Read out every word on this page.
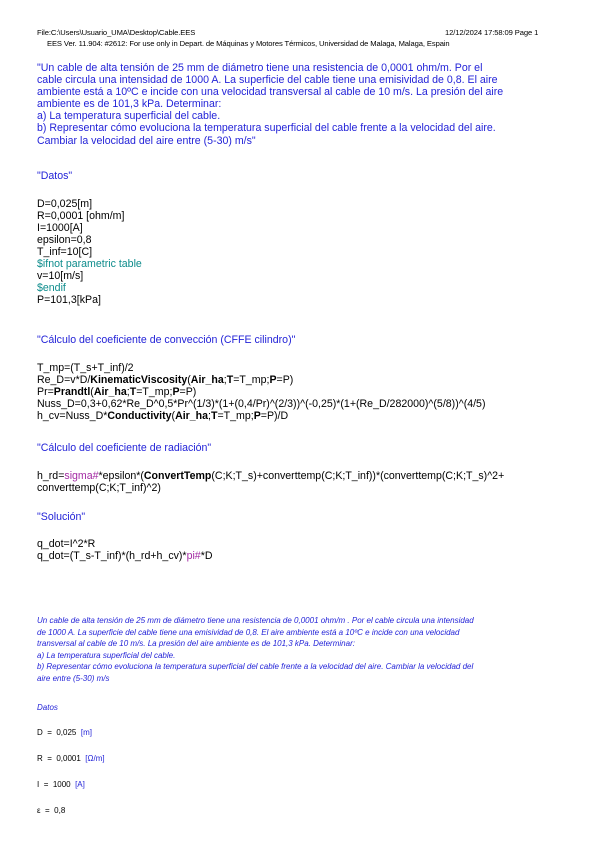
File:C:\Users\Usuario_UMA\Desktop\Cable.EES	12/12/2024 17:58:09 Page 1
EES Ver. 11.904: #2612: For use only in Depart. de Máquinas y Motores Térmicos, Universidad de Malaga, Malaga, Espain
"Un cable de alta tensión de 25 mm de diámetro tiene una resistencia de 0,0001 ohm/m. Por el
cable circula una intensidad de 1000 A. La superficie del cable tiene una emisividad de 0,8. El aire
ambiente está a 10ºC e incide con una velocidad transversal al cable de 10 m/s. La presión del aire
ambiente es de 101,3 kPa. Determinar:
a) La temperatura superficial del cable.
b) Representar cómo evoluciona la temperatura superficial del cable frente a la velocidad del aire.
Cambiar la velocidad del aire entre (5-30) m/s"
"Datos"
D=0,025[m]
R=0,0001 [ohm/m]
I=1000[A]
epsilon=0,8
T_inf=10[C]
$ifnot parametric table
v=10[m/s]
$endif
P=101,3[kPa]
"Cálculo del coeficiente de convección (CFFE cilindro)"
T_mp=(T_s+T_inf)/2
Re_D=v*D/KinematicViscosity(Air_ha;T=T_mp;P=P)
Pr=Prandtl(Air_ha;T=T_mp;P=P)
Nuss_D=0,3+0,62*Re_D^0,5*Pr^(1/3)*(1+(0,4/Pr)^(2/3))^(-0,25)*(1+(Re_D/282000)^(5/8))^(4/5)
h_cv=Nuss_D*Conductivity(Air_ha;T=T_mp;P=P)/D
"Cálculo del coeficiente de radiación"
h_rd=sigma#*epsilon*(ConvertTemp(C;K;T_s)+converttemp(C;K;T_inf))*(converttemp(C;K;T_s)^2+
converttemp(C;K;T_inf)^2)
"Solución"
q_dot=I^2*R
q_dot=(T_s-T_inf)*(h_rd+h_cv)*pi#*D
Un cable de alta tensión de 25 mm de diámetro tiene una resistencia de 0,0001 ohm/m . Por el cable circula una intensidad
de 1000 A. La superficie del cable tiene una emisividad de 0,8. El aire ambiente está a 10ºC e incide con una velocidad
transversal al cable de 10 m/s. La presión del aire ambiente es de 101,3 kPa. Determinar:
a) La temperatura superficial del cable.
b) Representar cómo evoluciona la temperatura superficial del cable frente a la velocidad del aire. Cambiar la velocidad del
aire entre (5-30) m/s
Datos
D = 0,025 [m]
R = 0,0001 [Ω/m]
I = 1000 [A]
ε = 0,8
